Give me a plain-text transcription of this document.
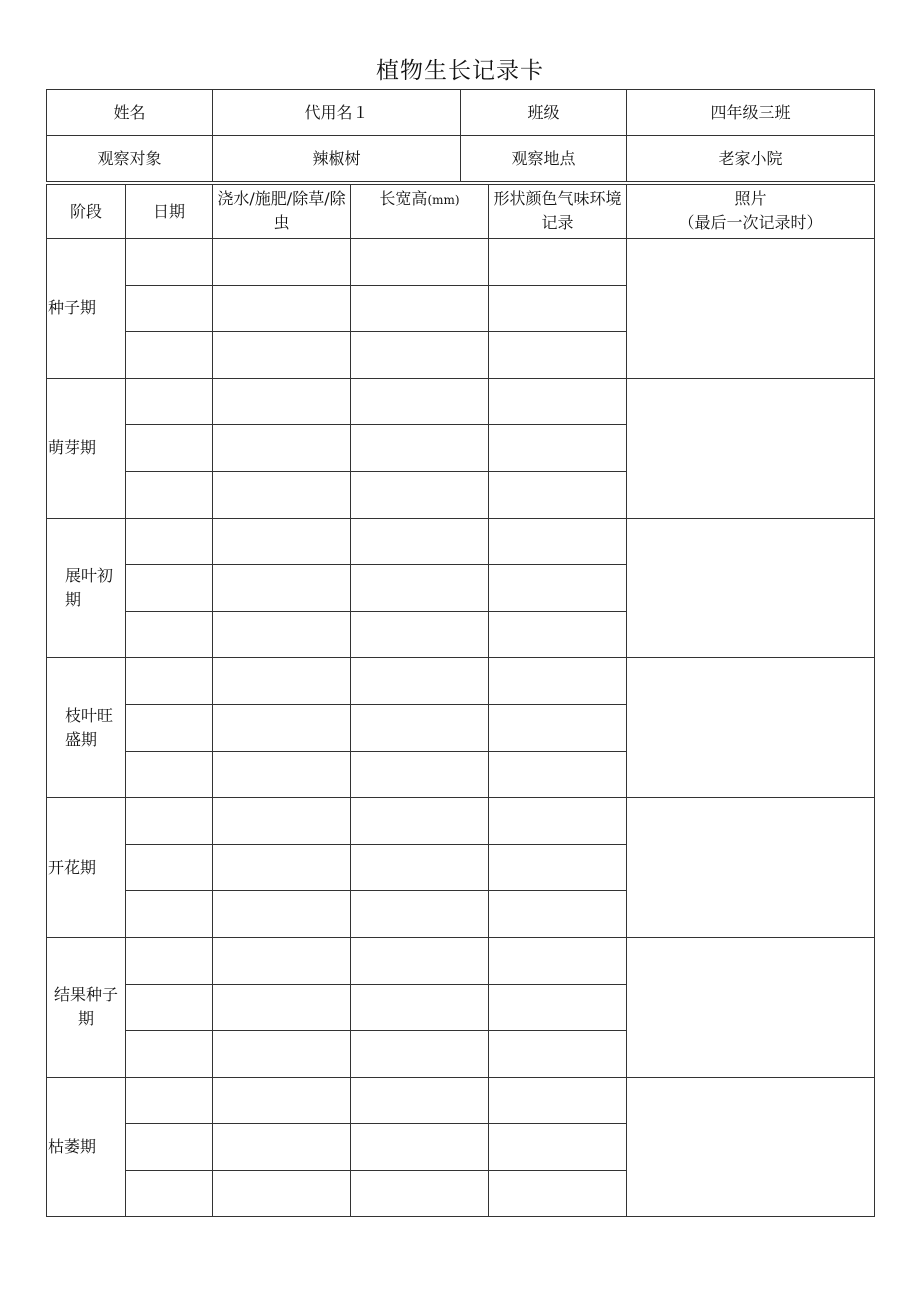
植物生长记录卡
姓名	代用名１	班级	四年级三班
观察对象	辣椒树	观察地点	老家小院
阶段	日期	浇水/施肥/除草/除虫	长宽高(mm)	形状颜色气味环境记录	照片
（最后一次记录时）

种子期					

萌芽期					

展叶初期					

枝叶旺盛期					

开花期					

结果种子期					

枯萎期					
